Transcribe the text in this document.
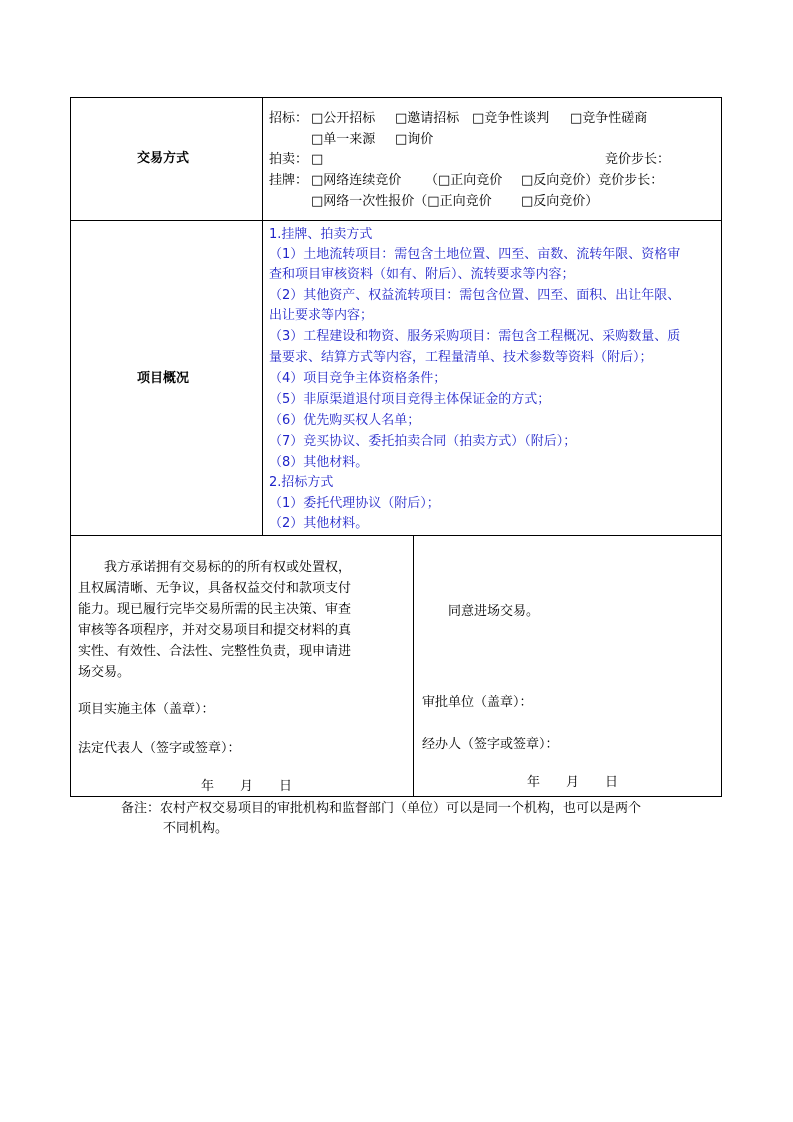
交易方式
招标： □公开招标 □邀请招标 □竞争性谈判 □竞争性磋商
□单一来源 □询价
拍卖： □	竞价步长：
挂牌： □网络连续竞价 （□正向竞价 □反向竞价）竞价步长：
□网络一次性报价（□正向竞价 □反向竞价）
项目概况
1.挂牌、拍卖方式
（1）土地流转项目：需包含土地位置、四至、亩数、流转年限、资格审
查和项目审核资料（如有、附后）、流转要求等内容；
（2）其他资产、权益流转项目：需包含位置、四至、面积、出让年限、
出让要求等内容；
（3）工程建设和物资、服务采购项目：需包含工程概况、采购数量、质
量要求、结算方式等内容，工程量清单、技术参数等资料（附后）；
（4）项目竞争主体资格条件；
（5）非原渠道退付项目竞得主体保证金的方式；
（6）优先购买权人名单；
（7）竞买协议、委托拍卖合同（拍卖方式）（附后）；
（8）其他材料。
2.招标方式
（1）委托代理协议（附后）；
（2）其他材料。
我方承诺拥有交易标的的所有权或处置权，
且权属清晰、无争议，具备权益交付和款项支付
能力。现已履行完毕交易所需的民主决策、审查
审核等各项程序，并对交易项目和提交材料的真
实性、有效性、合法性、完整性负责，现申请进
场交易。
项目实施主体（盖章）：
法定代表人（签字或签章）：
年　　月　　日
同意进场交易。
审批单位（盖章）：
经办人（签字或签章）：
年　　月　　日
备注：农村产权交易项目的审批机构和监督部门（单位）可以是同一个机构，也可以是两个
不同机构。
